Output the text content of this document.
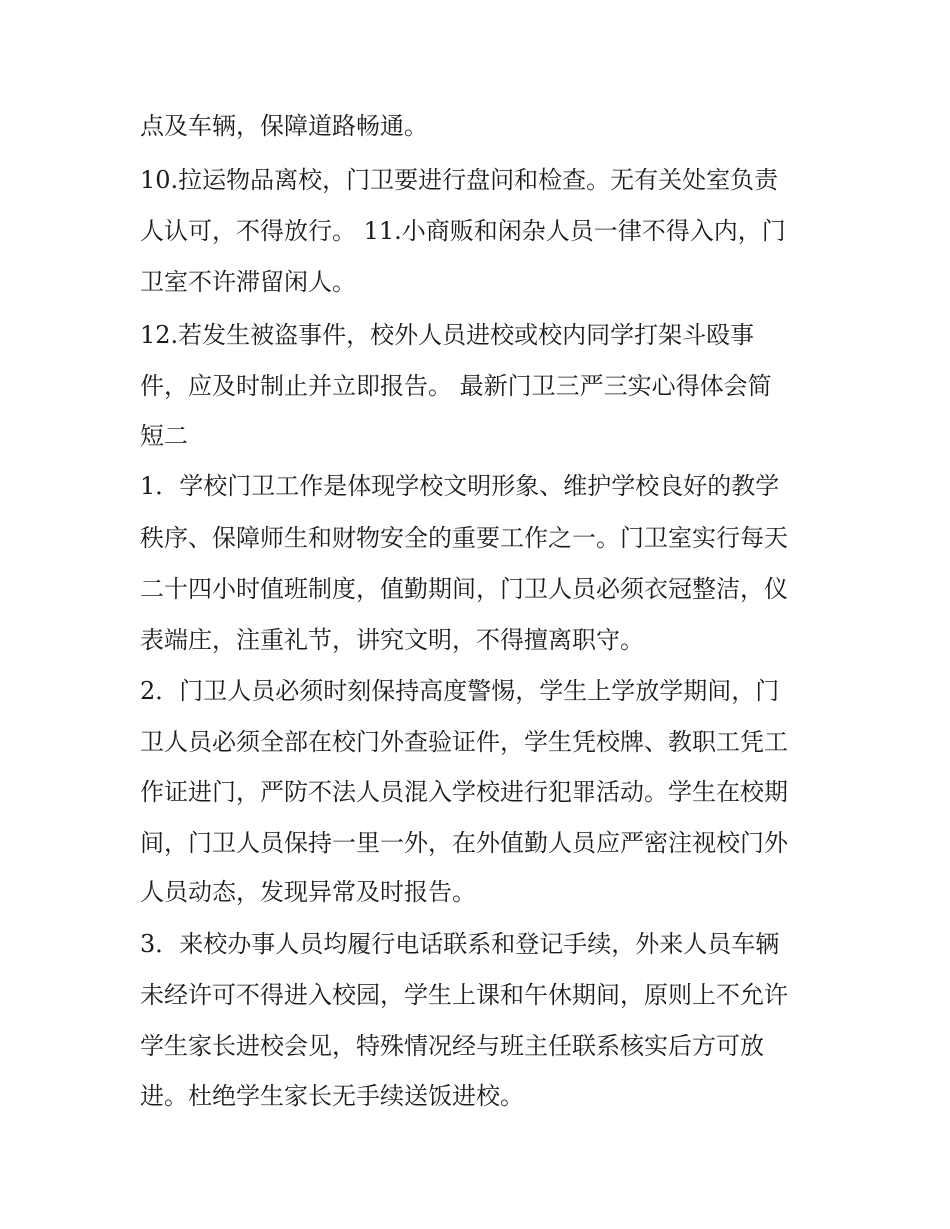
点及车辆，保障道路畅通。
10.拉运物品离校，门卫要进行盘问和检查。无有关处室负责
人认可，不得放行。 11.小商贩和闲杂人员一律不得入内，门
卫室不许滞留闲人。
12.若发生被盗事件，校外人员进校或校内同学打架斗殴事
件，应及时制止并立即报告。 最新门卫三严三实心得体会简
短二
1．学校门卫工作是体现学校文明形象、维护学校良好的教学
秩序、保障师生和财物安全的重要工作之一。门卫室实行每天
二十四小时值班制度，值勤期间，门卫人员必须衣冠整洁，仪
表端庄，注重礼节，讲究文明，不得擅离职守。
2．门卫人员必须时刻保持高度警惕，学生上学放学期间，门
卫人员必须全部在校门外查验证件，学生凭校牌、教职工凭工
作证进门，严防不法人员混入学校进行犯罪活动。学生在校期
间，门卫人员保持一里一外，在外值勤人员应严密注视校门外
人员动态，发现异常及时报告。
3．来校办事人员均履行电话联系和登记手续，外来人员车辆
未经许可不得进入校园，学生上课和午休期间，原则上不允许
学生家长进校会见，特殊情况经与班主任联系核实后方可放
进。杜绝学生家长无手续送饭进校。
